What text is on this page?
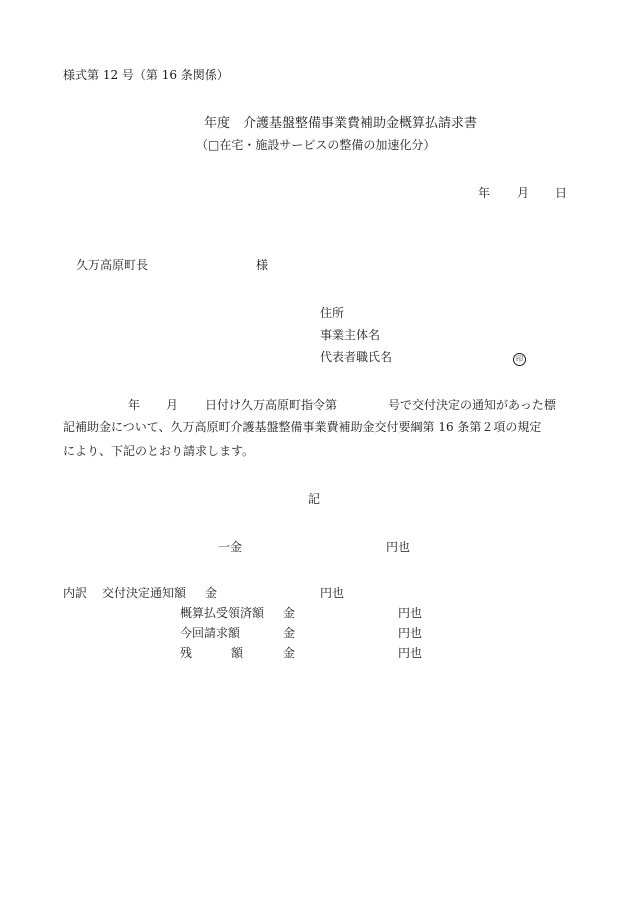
様式第 12 号（第 16 条関係）
年度　介護基盤整備事業費補助金概算払請求書
（□在宅・施設サービスの整備の加速化分）
年 月 日
久万高原町長	様
住所
事業主体名
代表者職氏名	印
年 月 日付け久万高原町指令第	号で交付決定の通知があった標
記補助金について、久万高原町介護基盤整備事業費補助金交付要綱第 16 条第２項の規定
により、下記のとおり請求します。
記
一金	円也
内訳 交付決定通知額 金	円也
概算払受領済額 金	円也
今回請求額	金	円也
残	額	金	円也
